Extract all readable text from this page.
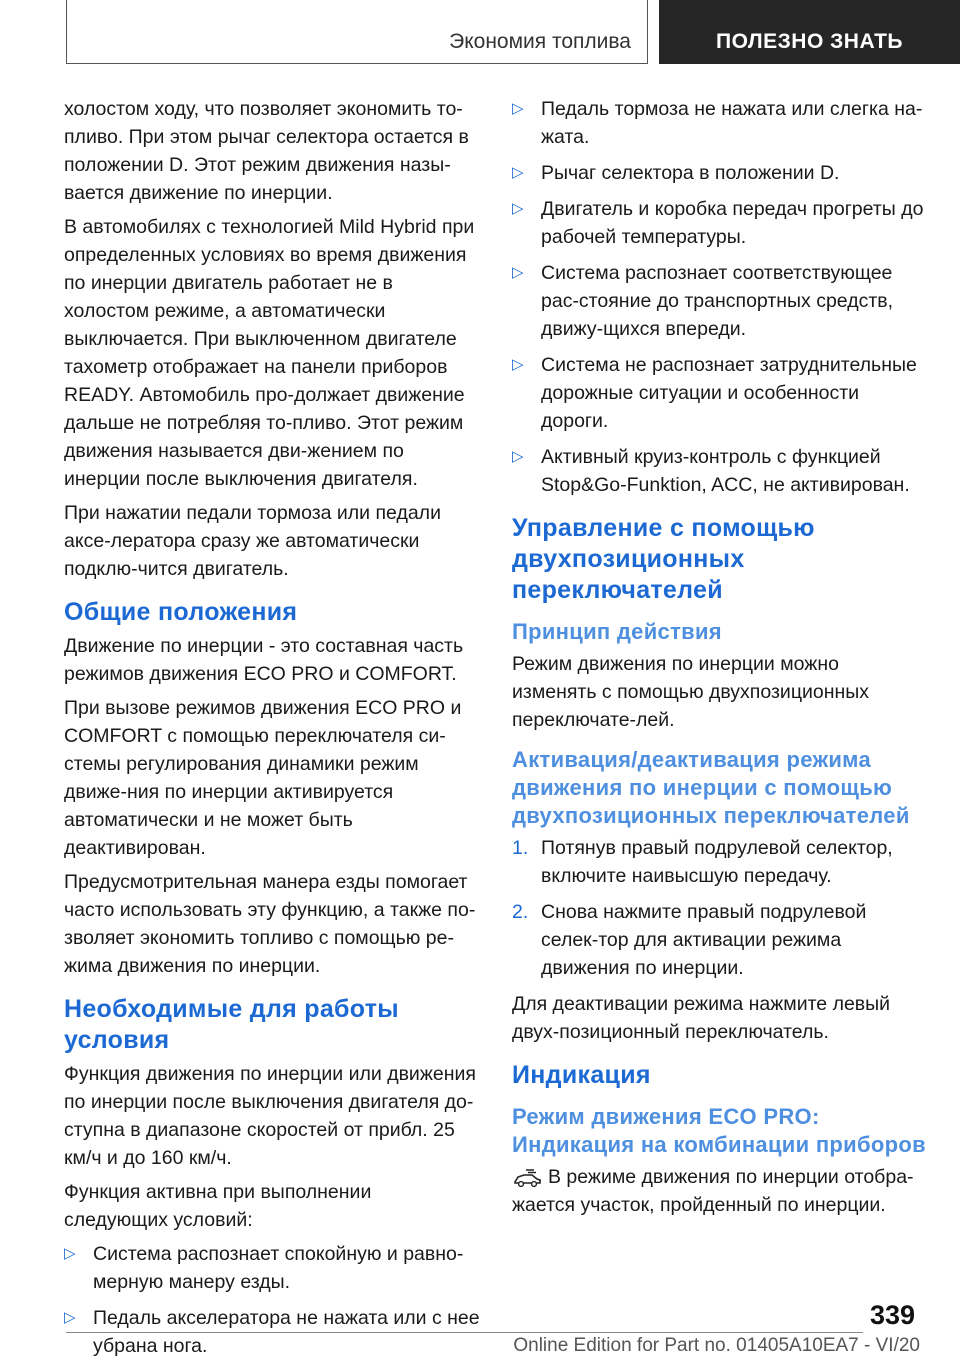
Экономия топлива	ПОЛЕЗНО ЗНАТЬ

холостом ходу, что позволяет экономить то-пливо. При этом рычаг селектора остается в положении D. Этот режим движения назы-вается движение по инерции.

В автомобилях с технологией Mild Hybrid при определенных условиях во время движения по инерции двигатель работает не в холостом режиме, а автоматически выключается. При выключенном двигателе тахометр отображает на панели приборов READY. Автомобиль про-должает движение дальше не потребляя то-пливо. Этот режим движения называется дви-жением по инерции после выключения двигателя.

При нажатии педали тормоза или педали аксе-лератора сразу же автоматически подклю-чится двигатель.

Общие положения

Движение по инерции - это составная часть режимов движения ECO PRO и COMFORT.

При вызове режимов движения ECO PRO и COMFORT с помощью переключателя си-стемы регулирования динамики режим движе-ния по инерции активируется автоматически и не может быть деактивирован.

Предусмотрительная манера езды помогает часто использовать эту функцию, а также по-зволяет экономить топливо с помощью ре-жима движения по инерции.

Необходимые для работы условия

Функция движения по инерции или движения по инерции после выключения двигателя до-ступна в диапазоне скоростей от прибл. 25 км/ч и до 160 км/ч.

Функция активна при выполнении следующих условий:

▷ Система распознает спокойную и равно-мерную манеру езды.
▷ Педаль акселератора не нажата или с нее убрана нога.
▷ Педаль тормоза не нажата или слегка на-жата.
▷ Рычаг селектора в положении D.
▷ Двигатель и коробка передач прогреты до рабочей температуры.
▷ Система распознает соответствующее рас-стояние до транспортных средств, движу-щихся впереди.
▷ Система не распознает затруднительные дорожные ситуации и особенности дороги.
▷ Активный круиз-контроль с функцией Stop&Go-Funktion, ACC, не активирован.
Управление с помощью двухпозиционных переключателей
Принцип действия

Режим движения по инерции можно изменять с помощью двухпозиционных переключате-лей.

Активация/деактивация режима движения по инерции с помощью двухпозиционных переключателей
1. Потянув правый подрулевой селектор, включите наивысшую передачу.
2. Снова нажмите правый подрулевой селек-тор для активации режима движения по инерции.

Для деактивации режима нажмите левый двух-позиционный переключатель.

Индикация
Режим движения ECO PRO: Индикация на комбинации приборов

В режиме движения по инерции отобра-жается участок, пройденный по инерции.

339
Online Edition for Part no. 01405A10EA7 - VI/20
